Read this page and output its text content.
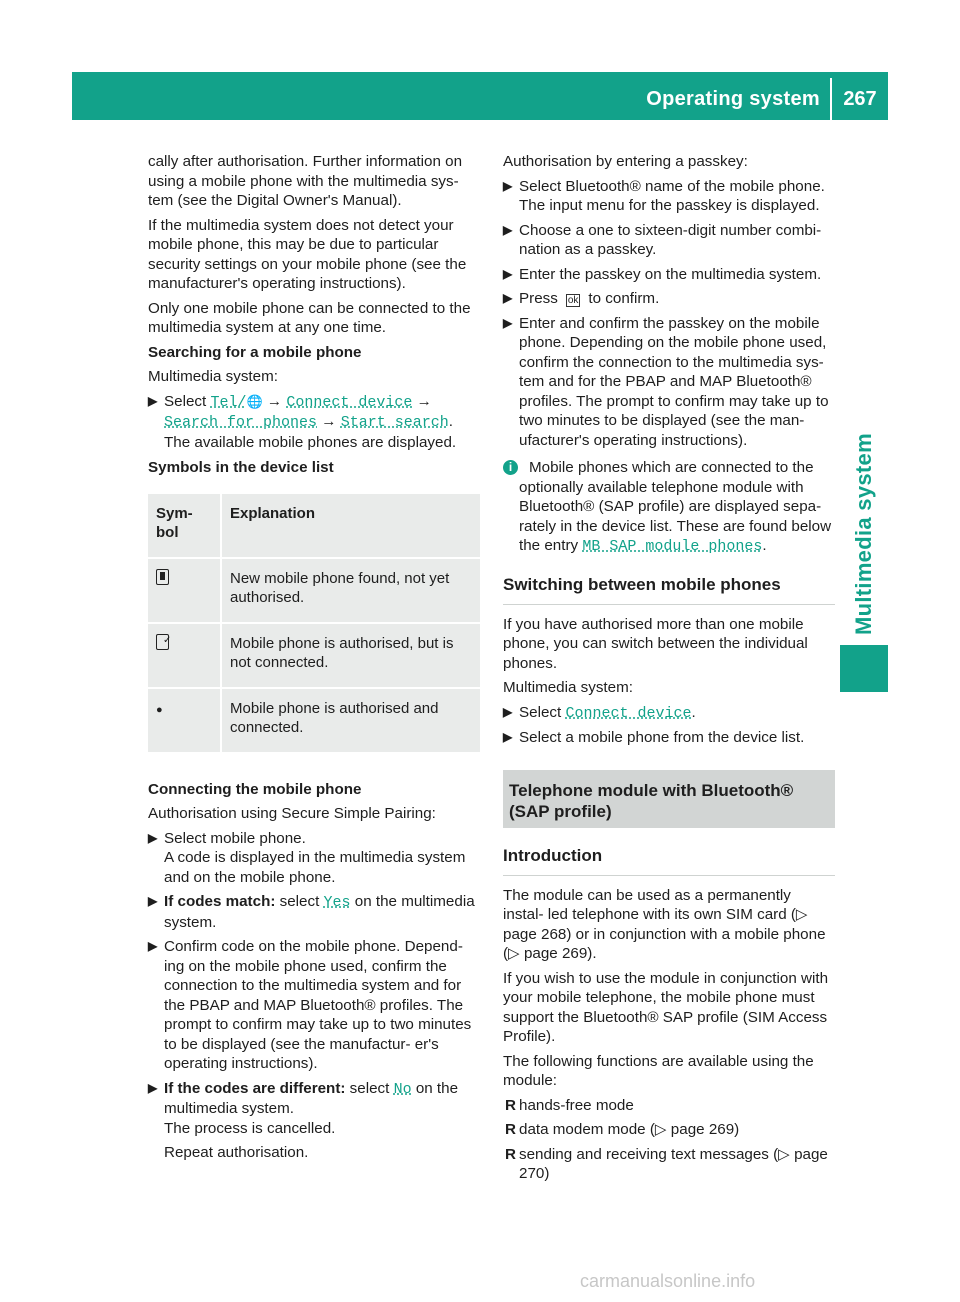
Operating system	267
Multimedia system

cally after authorisation. Further information on using a mobile phone with the multimedia sys- tem (see the Digital Owner's Manual).

If the multimedia system does not detect your mobile phone, this may be due to particular security settings on your mobile phone (see the manufacturer's operating instructions).

Only one mobile phone can be connected to the multimedia system at any one time.

Searching for a mobile phone

Multimedia system:

▶ Select Tel/🌐 → Connect device → Search for phones → Start search.
The available mobile phones are displayed.

Symbols in the device list

Sym- bol	Explanation
	New mobile phone found, not yet authorised.
✓	Mobile phone is authorised, but is not connected.
●	Mobile phone is authorised and connected.

Connecting the mobile phone

Authorisation using Secure Simple Pairing:

▶ Select mobile phone.
A code is displayed in the multimedia system and on the mobile phone.
▶ If codes match: select Yes on the multimedia system.
▶ Confirm code on the mobile phone. Depend- ing on the mobile phone used, confirm the connection to the multimedia system and for the PBAP and MAP Bluetooth® profiles. The prompt to confirm may take up to two minutes to be displayed (see the manufactur- er's operating instructions).
▶ If the codes are different: select No on the multimedia system.
The process is cancelled.
Repeat authorisation.

Authorisation by entering a passkey:

▶ Select Bluetooth® name of the mobile phone. The input menu for the passkey is displayed.
▶ Choose a one to sixteen-digit number combi- nation as a passkey.
▶ Enter the passkey on the multimedia system.
▶ Press ok to confirm.
▶ Enter and confirm the passkey on the mobile phone. Depending on the mobile phone used, confirm the connection to the multimedia sys- tem and for the PBAP and MAP Bluetooth® profiles. The prompt to confirm may take up to two minutes to be displayed (see the man- ufacturer's operating instructions).
i	Mobile phones which are connected to the optionally available telephone module with Bluetooth® (SAP profile) are displayed sepa- rately in the device list. These are found below the entry MB SAP module phones.
Switching between mobile phones

If you have authorised more than one mobile phone, you can switch between the individual phones.

Multimedia system:

▶ Select Connect device.
▶ Select a mobile phone from the device list.
Telephone module with Bluetooth® (SAP profile)
Introduction

The module can be used as a permanently instal- led telephone with its own SIM card (▷ page 268) or in conjunction with a mobile phone (▷ page 269).

If you wish to use the module in conjunction with your mobile telephone, the mobile phone must support the Bluetooth® SAP profile (SIM Access Profile).

The following functions are available using the module:

R hands-free mode
R data modem mode (▷ page 269)
R sending and receiving text messages (▷ page 270)
carmanualsonline.info
